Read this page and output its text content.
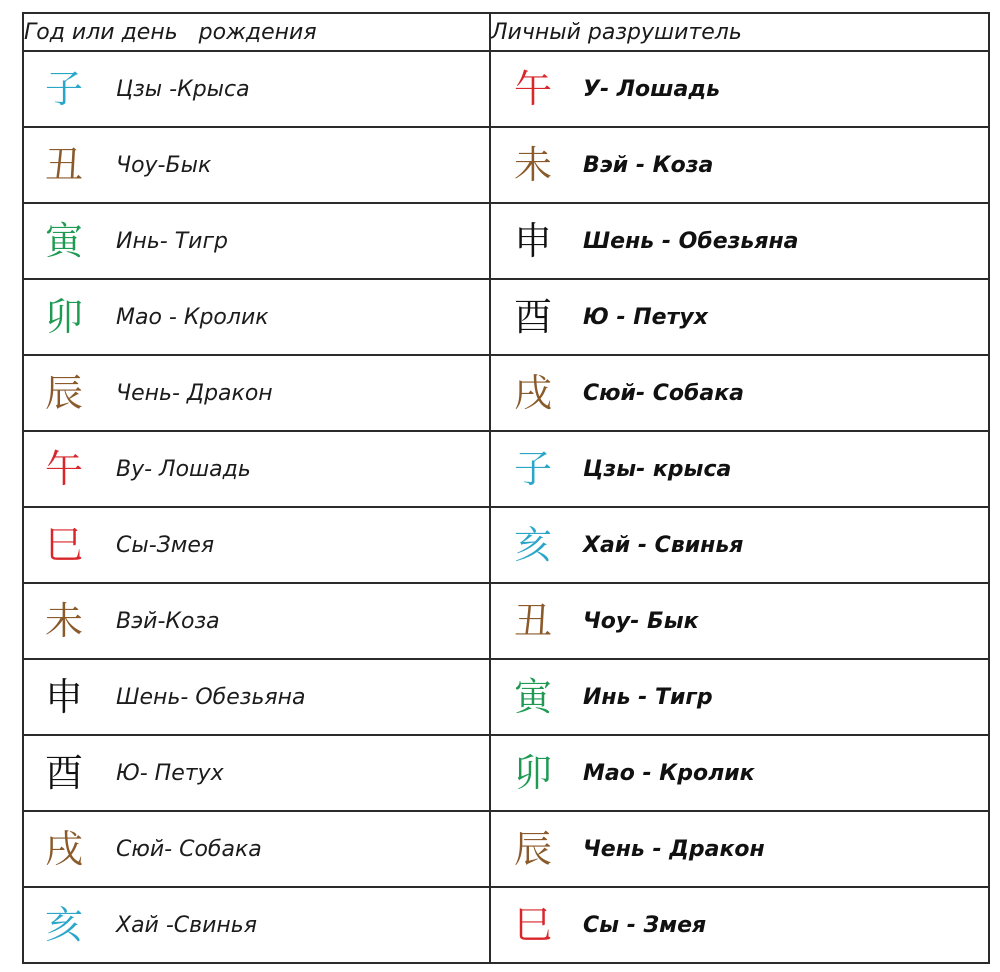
Год или день   рождения	Личный разрушитель

子 Цзы -Крыса	午 У- Лошадь

丑 Чоу-Бык	未 Вэй - Коза

寅 Инь- Тигр	申 Шень - Обезьяна

卯 Мао - Кролик	酉 Ю - Петух

辰 Чень- Дракон	戌 Сюй- Собака

午 Ву- Лошадь	子 Цзы- крыса

巳 Сы-Змея	亥 Хай - Свинья

未 Вэй-Коза	丑 Чоу- Бык

申 Шень- Обезьяна	寅 Инь - Тигр

酉 Ю- Петух	卯 Мао - Кролик

戌 Сюй- Собака	辰 Чень - Дракон

亥 Хай -Свинья	巳 Сы - Змея
